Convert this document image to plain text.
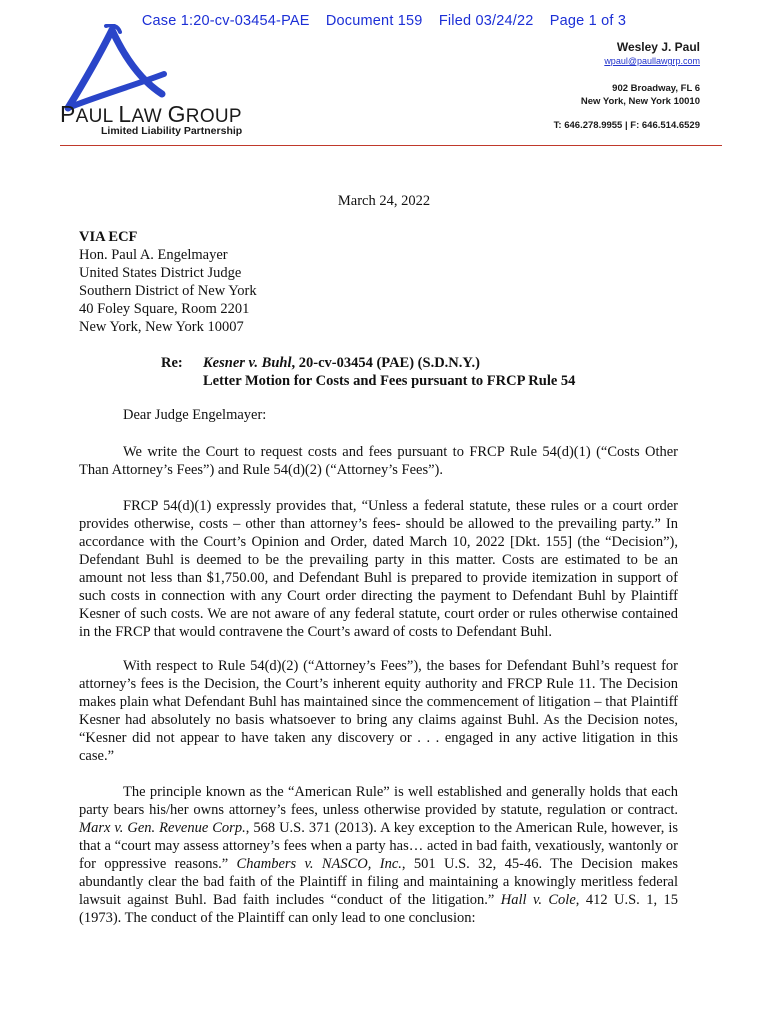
Case 1:20-cv-03454-PAE Document 159 Filed 03/24/22 Page 1 of 3
PAUL LAW GROUP
Limited Liability Partnership
Wesley J. Paul
wpaul@paullawgrp.com
902 Broadway, FL 6
New York, New York 10010
T: 646.278.9955 | F: 646.514.6529
March 24, 2022
VIA ECF
Hon. Paul A. Engelmayer
United States District Judge
Southern District of New York
40 Foley Square, Room 2201
New York, New York 10007
Re: Kesner v. Buhl, 20-cv-03454 (PAE) (S.D.N.Y.)
Letter Motion for Costs and Fees pursuant to FRCP Rule 54
Dear Judge Engelmayer:

We write the Court to request costs and fees pursuant to FRCP Rule 54(d)(1) (“Costs Other Than Attorney’s Fees”) and Rule 54(d)(2) (“Attorney’s Fees”).

FRCP 54(d)(1) expressly provides that, “Unless a federal statute, these rules or a court order provides otherwise, costs – other than attorney’s fees- should be allowed to the prevailing party.” In accordance with the Court’s Opinion and Order, dated March 10, 2022 [Dkt. 155] (the “Decision”), Defendant Buhl is deemed to be the prevailing party in this matter. Costs are estimated to be an amount not less than $1,750.00, and Defendant Buhl is prepared to provide itemization in support of such costs in connection with any Court order directing the payment to Defendant Buhl by Plaintiff Kesner of such costs. We are not aware of any federal statute, court order or rules otherwise contained in the FRCP that would contravene the Court’s award of costs to Defendant Buhl.

With respect to Rule 54(d)(2) (“Attorney’s Fees”), the bases for Defendant Buhl’s request for attorney’s fees is the Decision, the Court’s inherent equity authority and FRCP Rule 11. The Decision makes plain what Defendant Buhl has maintained since the commencement of litigation – that Plaintiff Kesner had absolutely no basis whatsoever to bring any claims against Buhl. As the Decision notes, “Kesner did not appear to have taken any discovery or . . . engaged in any active litigation in this case.”

The principle known as the “American Rule” is well established and generally holds that each party bears his/her owns attorney’s fees, unless otherwise provided by statute, regulation or contract. Marx v. Gen. Revenue Corp., 568 U.S. 371 (2013). A key exception to the American Rule, however, is that a “court may assess attorney’s fees when a party has… acted in bad faith, vexatiously, wantonly or for oppressive reasons.” Chambers v. NASCO, Inc., 501 U.S. 32, 45-46. The Decision makes abundantly clear the bad faith of the Plaintiff in filing and maintaining a knowingly meritless federal lawsuit against Buhl. Bad faith includes “conduct of the litigation.” Hall v. Cole, 412 U.S. 1, 15 (1973). The conduct of the Plaintiff can only lead to one conclusion:
